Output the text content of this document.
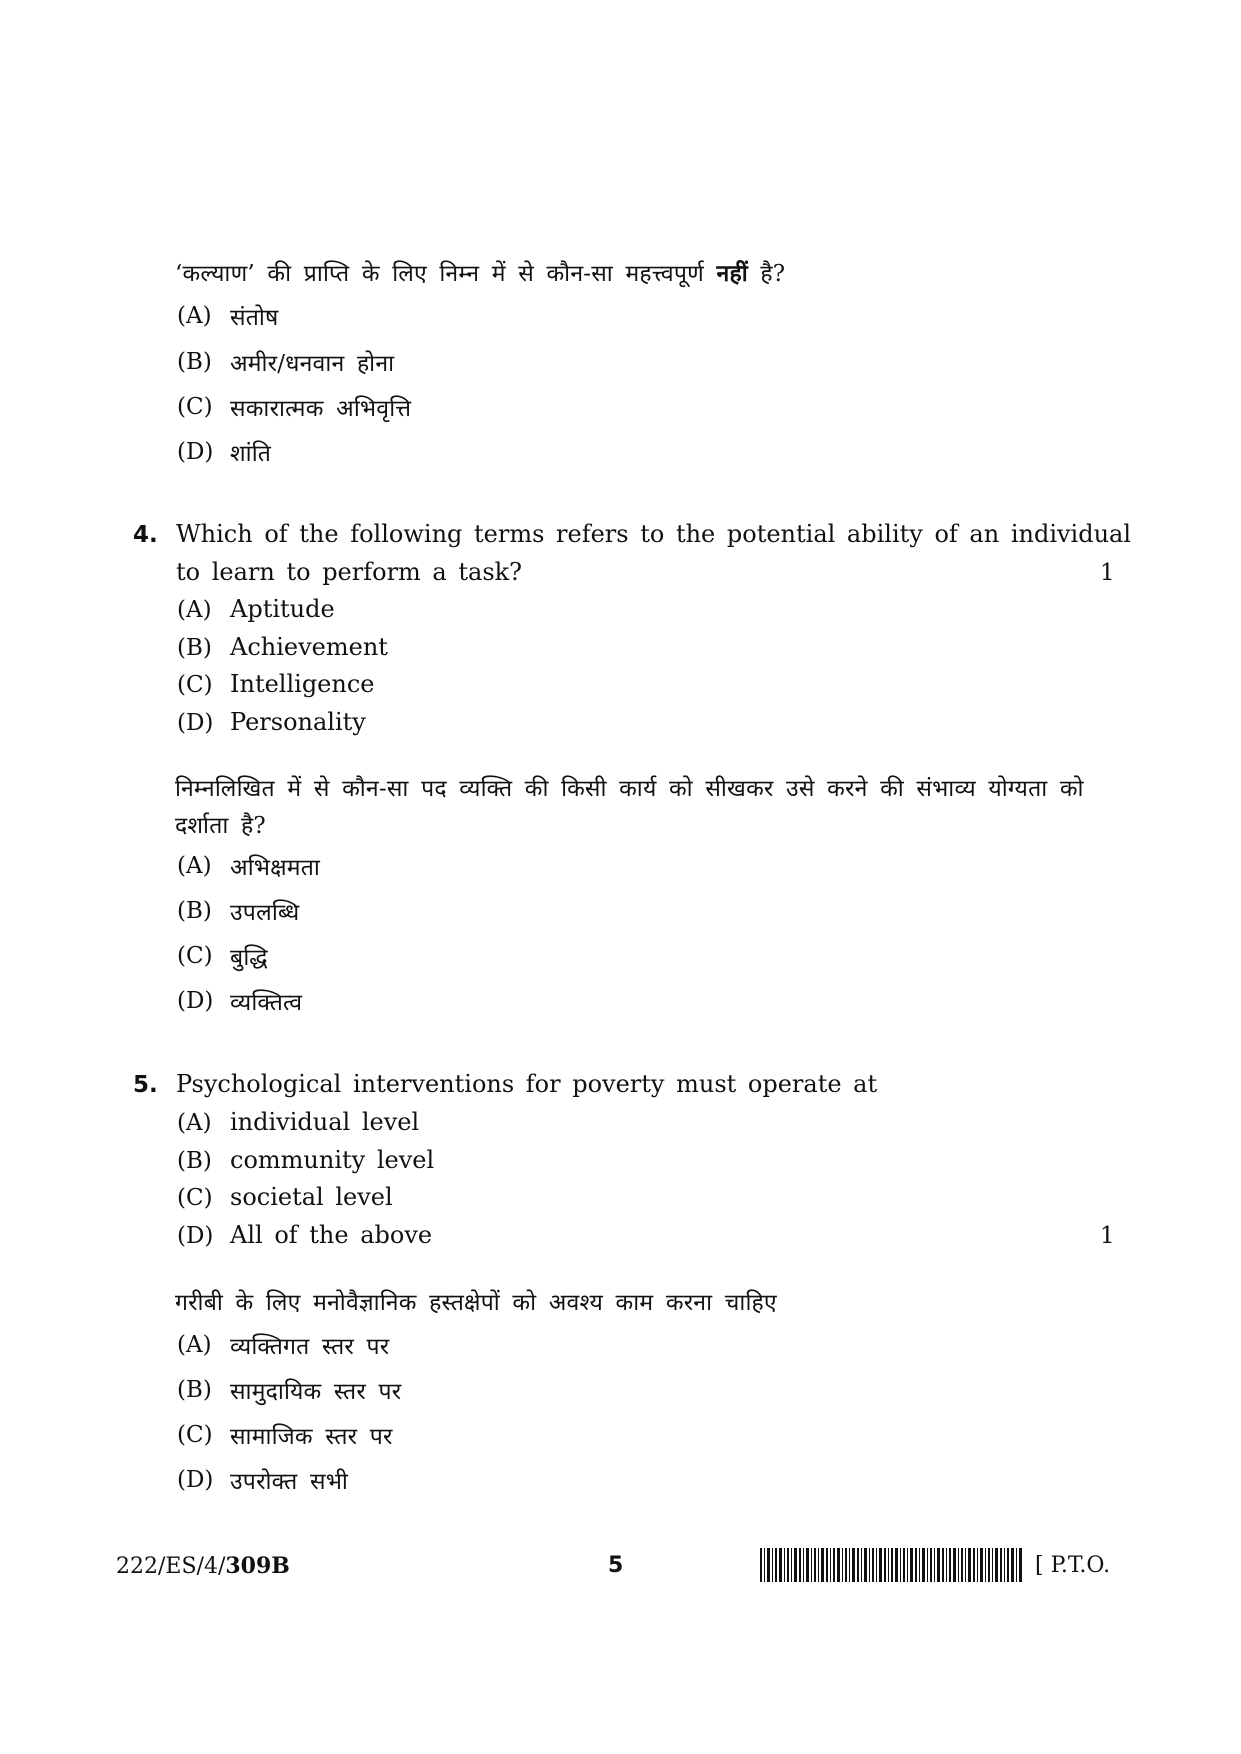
‘कल्याण’ की प्राप्ति के लिए निम्न में से कौन-सा महत्त्वपूर्ण नहीं है?
(A) संतोष
(B) अमीर/धनवान होना
(C) सकारात्मक अभिवृत्ति
(D) शांति
4. Which of the following terms refers to the potential ability of an individual
to learn to perform a task?	1
(A) Aptitude
(B) Achievement
(C) Intelligence
(D) Personality
निम्नलिखित में से कौन-सा पद व्यक्ति की किसी कार्य को सीखकर उसे करने की संभाव्य योग्यता को
दर्शाता है?
(A) अभिक्षमता
(B) उपलब्धि
(C) बुद्धि
(D) व्यक्तित्व
5. Psychological interventions for poverty must operate at
(A) individual level
(B) community level
(C) societal level
(D) All of the above	1
गरीबी के लिए मनोवैज्ञानिक हस्तक्षेपों को अवश्य काम करना चाहिए
(A) व्यक्तिगत स्तर पर
(B) सामुदायिक स्तर पर
(C) सामाजिक स्तर पर
(D) उपरोक्त सभी
222/ES/4/309B	5	[ P.T.O.
